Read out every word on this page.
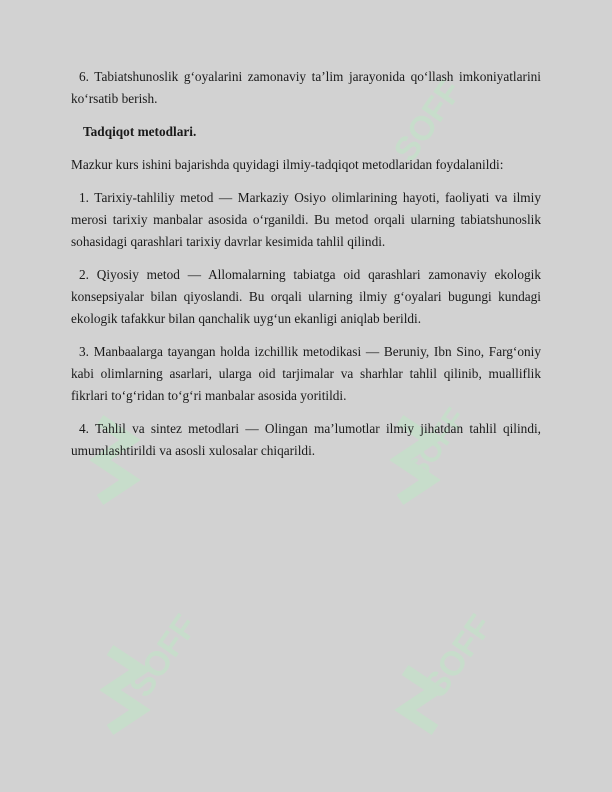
SOFF
SOFF
SOFF	SOFF

6. Tabiatshunoslik g‘oyalarini zamonaviy ta’lim jarayonida qo‘llash imkoniyatlarini ko‘rsatib berish.

Tadqiqot metodlari.

Mazkur kurs ishini bajarishda quyidagi ilmiy-tadqiqot metodlaridan foydalanildi:

1. Tarixiy-tahliliy metod — Markaziy Osiyo olimlarining hayoti, faoliyati va ilmiy merosi tarixiy manbalar asosida o‘rganildi. Bu metod orqali ularning tabiatshunoslik sohasidagi qarashlari tarixiy davrlar kesimida tahlil qilindi.

2. Qiyosiy metod — Allomalarning tabiatga oid qarashlari zamonaviy ekologik konsepsiyalar bilan qiyoslandi. Bu orqali ularning ilmiy g‘oyalari bugungi kundagi ekologik tafakkur bilan qanchalik uyg‘un ekanligi aniqlab berildi.

3. Manbaalarga tayangan holda izchillik metodikasi — Beruniy, Ibn Sino, Farg‘oniy kabi olimlarning asarlari, ularga oid tarjimalar va sharhlar tahlil qilinib, mualliflik fikrlari to‘g‘ridan to‘g‘ri manbalar asosida yoritildi.

4. Tahlil va sintez metodlari — Olingan ma’lumotlar ilmiy jihatdan tahlil qilindi, umumlashtirildi va asosli xulosalar chiqarildi.
